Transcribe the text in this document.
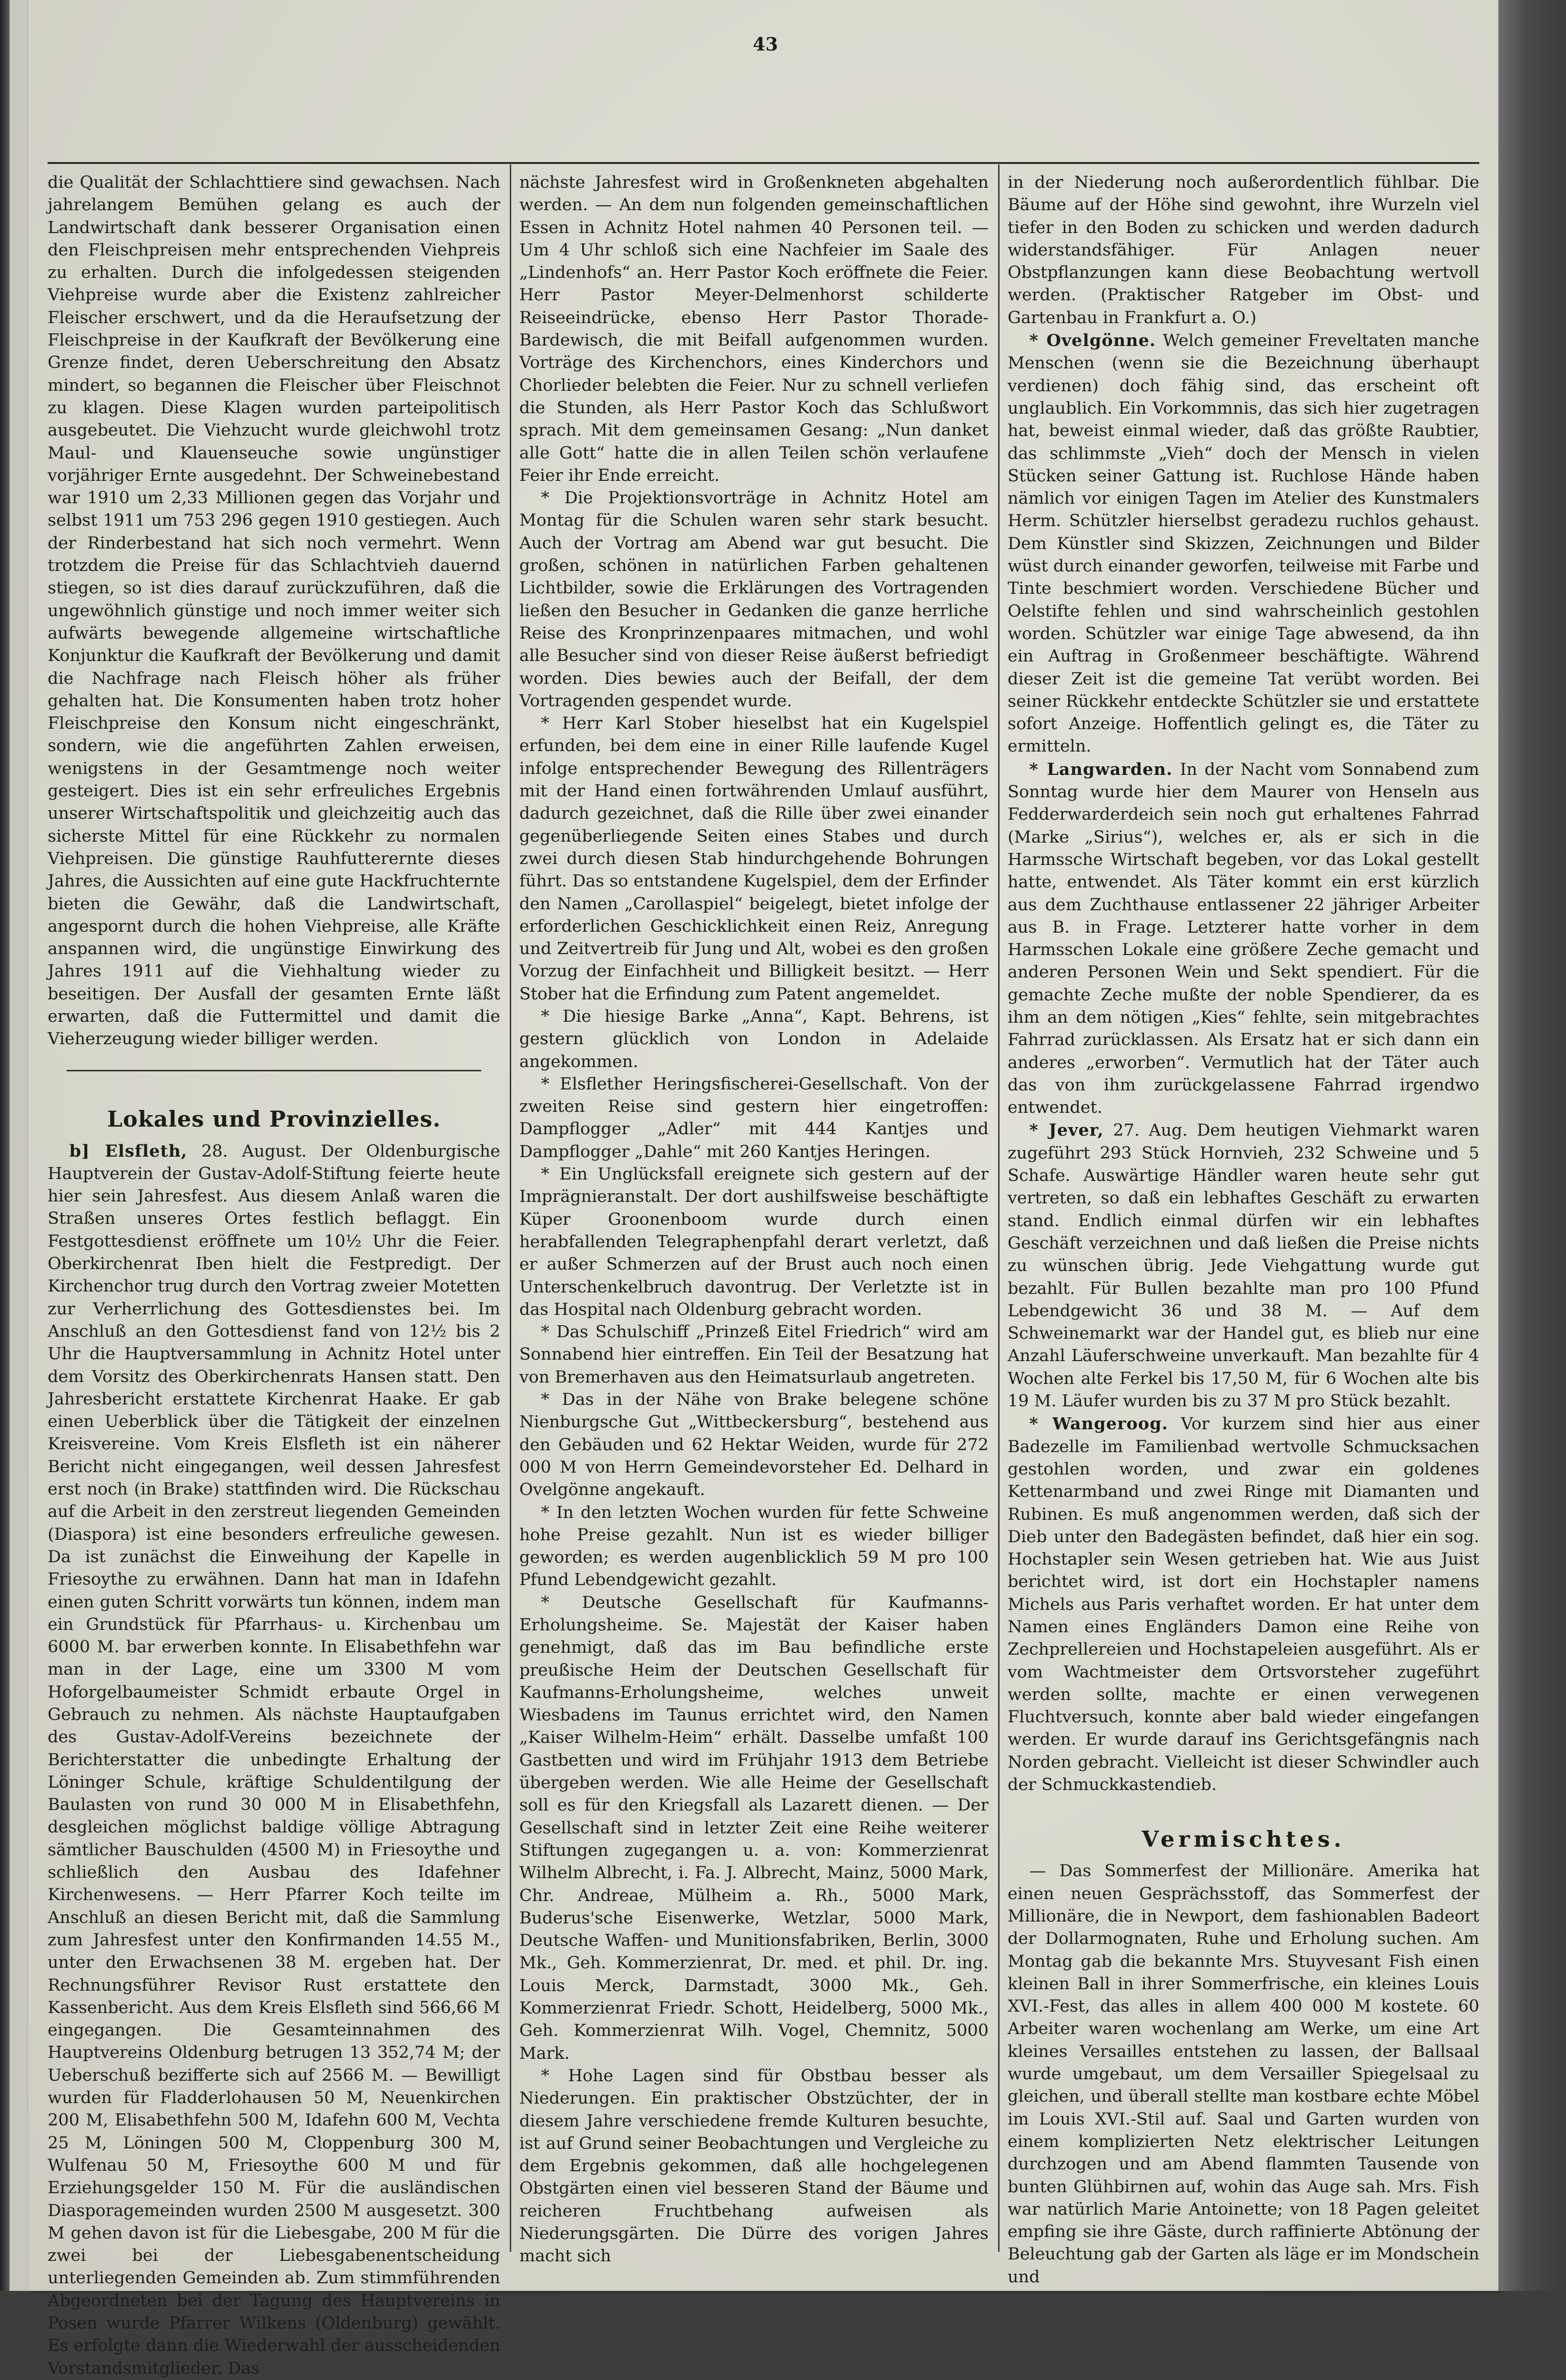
43

die Qualität der Schlachttiere sind gewachsen. Nach jahrelangem Bemühen gelang es auch der Landwirtschaft dank besserer Organisation einen den Fleischpreisen mehr entsprechenden Viehpreis zu erhalten. Durch die infolgedessen steigenden Viehpreise wurde aber die Existenz zahlreicher Fleischer erschwert, und da die Heraufsetzung der Fleischpreise in der Kaufkraft der Bevölkerung eine Grenze findet, deren Ueberschreitung den Absatz mindert, so begannen die Fleischer über Fleischnot zu klagen. Diese Klagen wurden parteipolitisch ausgebeutet. Die Viehzucht wurde gleichwohl trotz Maul- und Klauenseuche sowie ungünstiger vorjähriger Ernte ausgedehnt. Der Schweinebestand war 1910 um 2,33 Millionen gegen das Vorjahr und selbst 1911 um 753 296 gegen 1910 gestiegen. Auch der Rinderbestand hat sich noch vermehrt. Wenn trotzdem die Preise für das Schlachtvieh dauernd stiegen, so ist dies darauf zurückzuführen, daß die ungewöhnlich günstige und noch immer weiter sich aufwärts bewegende allgemeine wirtschaftliche Konjunktur die Kaufkraft der Bevölkerung und damit die Nachfrage nach Fleisch höher als früher gehalten hat. Die Konsumenten haben trotz hoher Fleischpreise den Konsum nicht eingeschränkt, sondern, wie die angeführten Zahlen erweisen, wenigstens in der Gesamtmenge noch weiter gesteigert. Dies ist ein sehr erfreuliches Ergebnis unserer Wirtschaftspolitik und gleichzeitig auch das sicherste Mittel für eine Rückkehr zu normalen Viehpreisen. Die günstige Rauhfutterernte dieses Jahres, die Aussichten auf eine gute Hackfruchternte bieten die Gewähr, daß die Landwirtschaft, angespornt durch die hohen Viehpreise, alle Kräfte anspannen wird, die ungünstige Einwirkung des Jahres 1911 auf die Viehhaltung wieder zu beseitigen. Der Ausfall der gesamten Ernte läßt erwarten, daß die Futtermittel und damit die Vieherzeugung wieder billiger werden.

Lokales und Provinzielles.

b] Elsfleth, 28. August. Der Oldenburgische Hauptverein der Gustav-Adolf-Stiftung feierte heute hier sein Jahresfest. Aus diesem Anlaß waren die Straßen unseres Ortes festlich beflaggt. Ein Festgottesdienst eröffnete um 10½ Uhr die Feier. Oberkirchenrat Iben hielt die Festpredigt. Der Kirchenchor trug durch den Vortrag zweier Motetten zur Verherrlichung des Gottesdienstes bei. Im Anschluß an den Gottesdienst fand von 12½ bis 2 Uhr die Hauptversammlung in Achnitz Hotel unter dem Vorsitz des Oberkirchenrats Hansen statt. Den Jahresbericht erstattete Kirchenrat Haake. Er gab einen Ueberblick über die Tätigkeit der einzelnen Kreisvereine. Vom Kreis Elsfleth ist ein näherer Bericht nicht eingegangen, weil dessen Jahresfest erst noch (in Brake) stattfinden wird. Die Rückschau auf die Arbeit in den zerstreut liegenden Gemeinden (Diaspora) ist eine besonders erfreuliche gewesen. Da ist zunächst die Einweihung der Kapelle in Friesoythe zu erwähnen. Dann hat man in Idafehn einen guten Schritt vorwärts tun können, indem man ein Grundstück für Pfarrhaus- u. Kirchenbau um 6000 M. bar erwerben konnte. In Elisabethfehn war man in der Lage, eine um 3300 M vom Hoforgelbaumeister Schmidt erbaute Orgel in Gebrauch zu nehmen. Als nächste Hauptaufgaben des Gustav-Adolf-Vereins bezeichnete der Berichterstatter die unbedingte Erhaltung der Löninger Schule, kräftige Schuldentilgung der Baulasten von rund 30 000 M in Elisabethfehn, desgleichen möglichst baldige völlige Abtragung sämtlicher Bauschulden (4500 M) in Friesoythe und schließlich den Ausbau des Idafehner Kirchenwesens. — Herr Pfarrer Koch teilte im Anschluß an diesen Bericht mit, daß die Sammlung zum Jahresfest unter den Konfirmanden 14.55 M., unter den Erwachsenen 38 M. ergeben hat. Der Rechnungsführer Revisor Rust erstattete den Kassenbericht. Aus dem Kreis Elsfleth sind 566,66 M eingegangen. Die Gesamteinnahmen des Hauptvereins Oldenburg betrugen 13 352,74 M; der Ueberschuß bezifferte sich auf 2566 M. — Bewilligt wurden für Fladderlohausen 50 M, Neuenkirchen 200 M, Elisabethfehn 500 M, Idafehn 600 M, Vechta 25 M, Löningen 500 M, Cloppenburg 300 M, Wulfenau 50 M, Friesoythe 600 M und für Erziehungsgelder 150 M. Für die ausländischen Diasporagemeinden wurden 2500 M ausgesetzt. 300 M gehen davon ist für die Liebesgabe, 200 M für die zwei bei der Liebesgabenentscheidung unterliegenden Gemeinden ab. Zum stimmführenden Abgeordneten bei der Tagung des Hauptvereins in Posen wurde Pfarrer Wilkens (Oldenburg) gewählt. Es erfolgte dann die Wiederwahl der ausscheidenden Vorstandsmitglieder. Das

nächste Jahresfest wird in Großenkneten abgehalten werden. — An dem nun folgenden gemeinschaftlichen Essen in Achnitz Hotel nahmen 40 Personen teil. — Um 4 Uhr schloß sich eine Nachfeier im Saale des „Lindenhofs“ an. Herr Pastor Koch eröffnete die Feier. Herr Pastor Meyer-Delmenhorst schilderte Reiseeindrücke, ebenso Herr Pastor Thorade-Bardewisch, die mit Beifall aufgenommen wurden. Vorträge des Kirchenchors, eines Kinderchors und Chorlieder belebten die Feier. Nur zu schnell verliefen die Stunden, als Herr Pastor Koch das Schlußwort sprach. Mit dem gemeinsamen Gesang: „Nun danket alle Gott“ hatte die in allen Teilen schön verlaufene Feier ihr Ende erreicht.

* Die Projektionsvorträge in Achnitz Hotel am Montag für die Schulen waren sehr stark besucht. Auch der Vortrag am Abend war gut besucht. Die großen, schönen in natürlichen Farben gehaltenen Lichtbilder, sowie die Erklärungen des Vortragenden ließen den Besucher in Gedanken die ganze herrliche Reise des Kronprinzenpaares mitmachen, und wohl alle Besucher sind von dieser Reise äußerst befriedigt worden. Dies bewies auch der Beifall, der dem Vortragenden gespendet wurde.

* Herr Karl Stober hieselbst hat ein Kugelspiel erfunden, bei dem eine in einer Rille laufende Kugel infolge entsprechender Bewegung des Rillenträgers mit der Hand einen fortwährenden Umlauf ausführt, dadurch gezeichnet, daß die Rille über zwei einander gegenüberliegende Seiten eines Stabes und durch zwei durch diesen Stab hindurchgehende Bohrungen führt. Das so entstandene Kugelspiel, dem der Erfinder den Namen „Carollaspiel“ beigelegt, bietet infolge der erforderlichen Geschicklichkeit einen Reiz, Anregung und Zeitvertreib für Jung und Alt, wobei es den großen Vorzug der Einfachheit und Billigkeit besitzt. — Herr Stober hat die Erfindung zum Patent angemeldet.

* Die hiesige Barke „Anna“, Kapt. Behrens, ist gestern glücklich von London in Adelaide angekommen.

* Elsflether Heringsfischerei-Gesellschaft. Von der zweiten Reise sind gestern hier eingetroffen: Dampflogger „Adler“ mit 444 Kantjes und Dampflogger „Dahle“ mit 260 Kantjes Heringen.

* Ein Unglücksfall ereignete sich gestern auf der Imprägnieranstalt. Der dort aushilfsweise beschäftigte Küper Groonenboom wurde durch einen herabfallenden Telegraphenpfahl derart verletzt, daß er außer Schmerzen auf der Brust auch noch einen Unterschenkelbruch davontrug. Der Verletzte ist in das Hospital nach Oldenburg gebracht worden.

* Das Schulschiff „Prinzeß Eitel Friedrich“ wird am Sonnabend hier eintreffen. Ein Teil der Besatzung hat von Bremerhaven aus den Heimatsurlaub angetreten.

* Das in der Nähe von Brake belegene schöne Nienburgsche Gut „Wittbeckersburg“, bestehend aus den Gebäuden und 62 Hektar Weiden, wurde für 272 000 M von Herrn Gemeindevorsteher Ed. Delhard in Ovelgönne angekauft.

* In den letzten Wochen wurden für fette Schweine hohe Preise gezahlt. Nun ist es wieder billiger geworden; es werden augenblicklich 59 M pro 100 Pfund Lebendgewicht gezahlt.

* Deutsche Gesellschaft für Kaufmanns-Erholungsheime. Se. Majestät der Kaiser haben genehmigt, daß das im Bau befindliche erste preußische Heim der Deutschen Gesellschaft für Kaufmanns-Erholungsheime, welches unweit Wiesbadens im Taunus errichtet wird, den Namen „Kaiser Wilhelm-Heim“ erhält. Dasselbe umfaßt 100 Gastbetten und wird im Frühjahr 1913 dem Betriebe übergeben werden. Wie alle Heime der Gesellschaft soll es für den Kriegsfall als Lazarett dienen. — Der Gesellschaft sind in letzter Zeit eine Reihe weiterer Stiftungen zugegangen u. a. von: Kommerzienrat Wilhelm Albrecht, i. Fa. J. Albrecht, Mainz, 5000 Mark, Chr. Andreae, Mülheim a. Rh., 5000 Mark, Buderus'sche Eisenwerke, Wetzlar, 5000 Mark, Deutsche Waffen- und Munitionsfabriken, Berlin, 3000 Mk., Geh. Kommerzienrat, Dr. med. et phil. Dr. ing. Louis Merck, Darmstadt, 3000 Mk., Geh. Kommerzienrat Friedr. Schott, Heidelberg, 5000 Mk., Geh. Kommerzienrat Wilh. Vogel, Chemnitz, 5000 Mark.

* Hohe Lagen sind für Obstbau besser als Niederungen. Ein praktischer Obstzüchter, der in diesem Jahre verschiedene fremde Kulturen besuchte, ist auf Grund seiner Beobachtungen und Vergleiche zu dem Ergebnis gekommen, daß alle hochgelegenen Obstgärten einen viel besseren Stand der Bäume und reicheren Fruchtbehang aufweisen als Niederungsgärten. Die Dürre des vorigen Jahres macht sich

in der Niederung noch außerordentlich fühlbar. Die Bäume auf der Höhe sind gewohnt, ihre Wurzeln viel tiefer in den Boden zu schicken und werden dadurch widerstandsfähiger. Für Anlagen neuer Obstpflanzungen kann diese Beobachtung wertvoll werden. (Praktischer Ratgeber im Obst- und Gartenbau in Frankfurt a. O.)

* Ovelgönne. Welch gemeiner Freveltaten manche Menschen (wenn sie die Bezeichnung überhaupt verdienen) doch fähig sind, das erscheint oft unglaublich. Ein Vorkommnis, das sich hier zugetragen hat, beweist einmal wieder, daß das größte Raubtier, das schlimmste „Vieh“ doch der Mensch in vielen Stücken seiner Gattung ist. Ruchlose Hände haben nämlich vor einigen Tagen im Atelier des Kunstmalers Herm. Schützler hierselbst geradezu ruchlos gehaust. Dem Künstler sind Skizzen, Zeichnungen und Bilder wüst durch einander geworfen, teilweise mit Farbe und Tinte beschmiert worden. Verschiedene Bücher und Oelstifte fehlen und sind wahrscheinlich gestohlen worden. Schützler war einige Tage abwesend, da ihn ein Auftrag in Großenmeer beschäftigte. Während dieser Zeit ist die gemeine Tat verübt worden. Bei seiner Rückkehr entdeckte Schützler sie und erstattete sofort Anzeige. Hoffentlich gelingt es, die Täter zu ermitteln.

* Langwarden. In der Nacht vom Sonnabend zum Sonntag wurde hier dem Maurer von Henseln aus Fedderwarderdeich sein noch gut erhaltenes Fahrrad (Marke „Sirius“), welches er, als er sich in die Harmssche Wirtschaft begeben, vor das Lokal gestellt hatte, entwendet. Als Täter kommt ein erst kürzlich aus dem Zuchthause entlassener 22 jähriger Arbeiter aus B. in Frage. Letzterer hatte vorher in dem Harmsschen Lokale eine größere Zeche gemacht und anderen Personen Wein und Sekt spendiert. Für die gemachte Zeche mußte der noble Spendierer, da es ihm an dem nötigen „Kies“ fehlte, sein mitgebrachtes Fahrrad zurücklassen. Als Ersatz hat er sich dann ein anderes „erworben“. Vermutlich hat der Täter auch das von ihm zurückgelassene Fahrrad irgendwo entwendet.

* Jever, 27. Aug. Dem heutigen Viehmarkt waren zugeführt 293 Stück Hornvieh, 232 Schweine und 5 Schafe. Auswärtige Händler waren heute sehr gut vertreten, so daß ein lebhaftes Geschäft zu erwarten stand. Endlich einmal dürfen wir ein lebhaftes Geschäft verzeichnen und daß ließen die Preise nichts zu wünschen übrig. Jede Viehgattung wurde gut bezahlt. Für Bullen bezahlte man pro 100 Pfund Lebendgewicht 36 und 38 M. — Auf dem Schweinemarkt war der Handel gut, es blieb nur eine Anzahl Läuferschweine unverkauft. Man bezahlte für 4 Wochen alte Ferkel bis 17,50 M, für 6 Wochen alte bis 19 M. Läufer wurden bis zu 37 M pro Stück bezahlt.

* Wangeroog. Vor kurzem sind hier aus einer Badezelle im Familienbad wertvolle Schmucksachen gestohlen worden, und zwar ein goldenes Kettenarmband und zwei Ringe mit Diamanten und Rubinen. Es muß angenommen werden, daß sich der Dieb unter den Badegästen befindet, daß hier ein sog. Hochstapler sein Wesen getrieben hat. Wie aus Juist berichtet wird, ist dort ein Hochstapler namens Michels aus Paris verhaftet worden. Er hat unter dem Namen eines Engländers Damon eine Reihe von Zechprellereien und Hochstapeleien ausgeführt. Als er vom Wachtmeister dem Ortsvorsteher zugeführt werden sollte, machte er einen verwegenen Fluchtversuch, konnte aber bald wieder eingefangen werden. Er wurde darauf ins Gerichtsgefängnis nach Norden gebracht. Vielleicht ist dieser Schwindler auch der Schmuckkastendieb.

Vermischtes.

— Das Sommerfest der Millionäre. Amerika hat einen neuen Gesprächsstoff, das Sommerfest der Millionäre, die in Newport, dem fashionablen Badeort der Dollarmognaten, Ruhe und Erholung suchen. Am Montag gab die bekannte Mrs. Stuyvesant Fish einen kleinen Ball in ihrer Sommerfrische, ein kleines Louis XVI.-Fest, das alles in allem 400 000 M kostete. 60 Arbeiter waren wochenlang am Werke, um eine Art kleines Versailles entstehen zu lassen, der Ballsaal wurde umgebaut, um dem Versailler Spiegelsaal zu gleichen, und überall stellte man kostbare echte Möbel im Louis XVI.-Stil auf. Saal und Garten wurden von einem komplizierten Netz elektrischer Leitungen durchzogen und am Abend flammten Tausende von bunten Glühbirnen auf, wohin das Auge sah. Mrs. Fish war natürlich Marie Antoinette; von 18 Pagen geleitet empfing sie ihre Gäste, durch raffinierte Abtönung der Beleuchtung gab der Garten als läge er im Mondschein und
